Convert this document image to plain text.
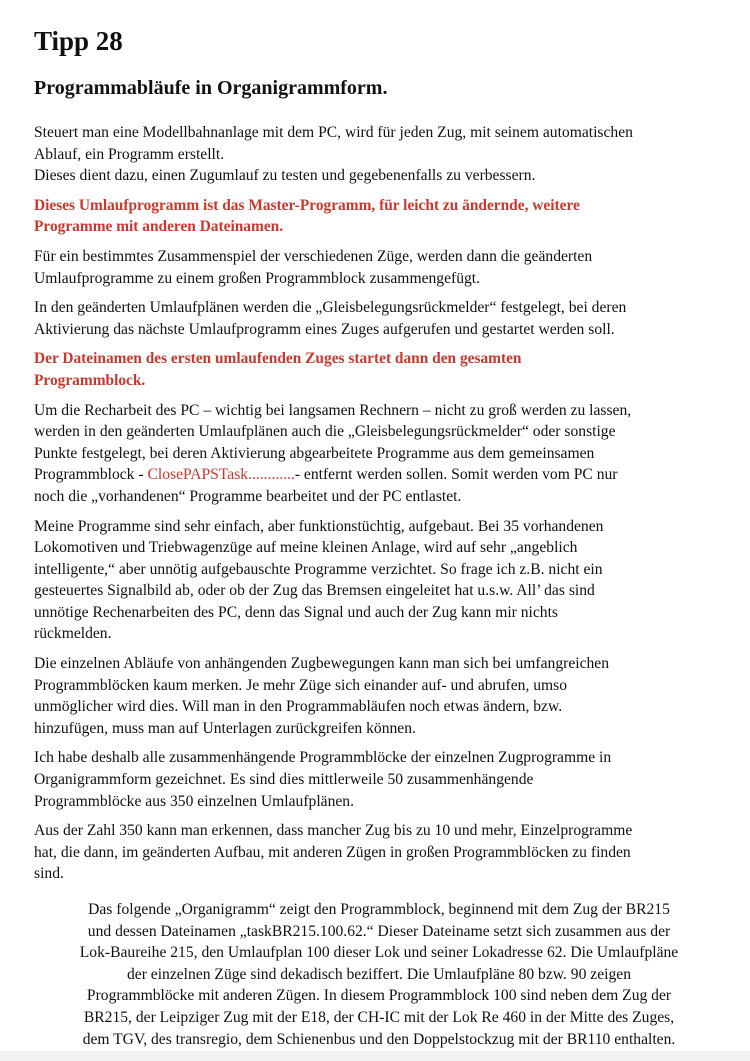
Tipp 28
Programmabläufe in Organigrammform.

Steuert man eine Modellbahnanlage mit dem PC, wird für jeden Zug, mit seinem automatischen
Ablauf, ein Programm erstellt.
Dieses dient dazu, einen Zugumlauf zu testen und gegebenenfalls zu verbessern.

Dieses Umlaufprogramm ist das Master-Programm, für leicht zu ändernde, weitere
Programme mit anderen Dateinamen.

Für ein bestimmtes Zusammenspiel der verschiedenen Züge, werden dann die geänderten
Umlaufprogramme zu einem großen Programmblock zusammengefügt.

In den geänderten Umlaufplänen werden die „Gleisbelegungsrückmelder“ festgelegt, bei deren
Aktivierung das nächste Umlaufprogramm eines Zuges aufgerufen und gestartet werden soll.

Der Dateinamen des ersten umlaufenden Zuges startet dann den gesamten
Programmblock.

Um die Recharbeit des PC – wichtig bei langsamen Rechnern – nicht zu groß werden zu lassen,
werden in den geänderten Umlaufplänen auch die „Gleisbelegungsrückmelder“ oder sonstige
Punkte festgelegt, bei deren Aktivierung abgearbeitete Programme aus dem gemeinsamen
Programmblock - ClosePAPSTask............- entfernt werden sollen. Somit werden vom PC nur
noch die „vorhandenen“ Programme bearbeitet und der PC entlastet.

Meine Programme sind sehr einfach, aber funktionstüchtig, aufgebaut. Bei 35 vorhandenen
Lokomotiven und Triebwagenzüge auf meine kleinen Anlage, wird auf sehr „angeblich
intelligente,“ aber unnötig aufgebauschte Programme verzichtet. So frage ich z.B. nicht ein
gesteuertes Signalbild ab, oder ob der Zug das Bremsen eingeleitet hat u.s.w. All’ das sind
unnötige Rechenarbeiten des PC, denn das Signal und auch der Zug kann mir nichts
rückmelden.

Die einzelnen Abläufe von anhängenden Zugbewegungen kann man sich bei umfangreichen
Programmblöcken kaum merken. Je mehr Züge sich einander auf- und abrufen, umso
unmöglicher wird dies. Will man in den Programmabläufen noch etwas ändern, bzw.
hinzufügen, muss man auf Unterlagen zurückgreifen können.

Ich habe deshalb alle zusammenhängende Programmblöcke der einzelnen Zugprogramme in
Organigrammform gezeichnet. Es sind dies mittlerweile 50 zusammenhängende
Programmblöcke aus 350 einzelnen Umlaufplänen.

Aus der Zahl 350 kann man erkennen, dass mancher Zug bis zu 10 und mehr, Einzelprogramme
hat, die dann, im geänderten Aufbau, mit anderen Zügen in großen Programmblöcken zu finden
sind.

Das folgende „Organigramm“ zeigt den Programmblock, beginnend mit dem Zug der BR215
und dessen Dateinamen „taskBR215.100.62.“ Dieser Dateiname setzt sich zusammen aus der
Lok-Baureihe 215, den Umlaufplan 100 dieser Lok und seiner Lokadresse 62. Die Umlaufpläne
der einzelnen Züge sind dekadisch beziffert. Die Umlaufpläne 80 bzw. 90 zeigen
Programmblöcke mit anderen Zügen. In diesem Programmblock 100 sind neben dem Zug der
BR215, der Leipziger Zug mit der E18, der CH-IC mit der Lok Re 460 in der Mitte des Zuges,
dem TGV, des transregio, dem Schienenbus und den Doppelstockzug mit der BR110 enthalten.
